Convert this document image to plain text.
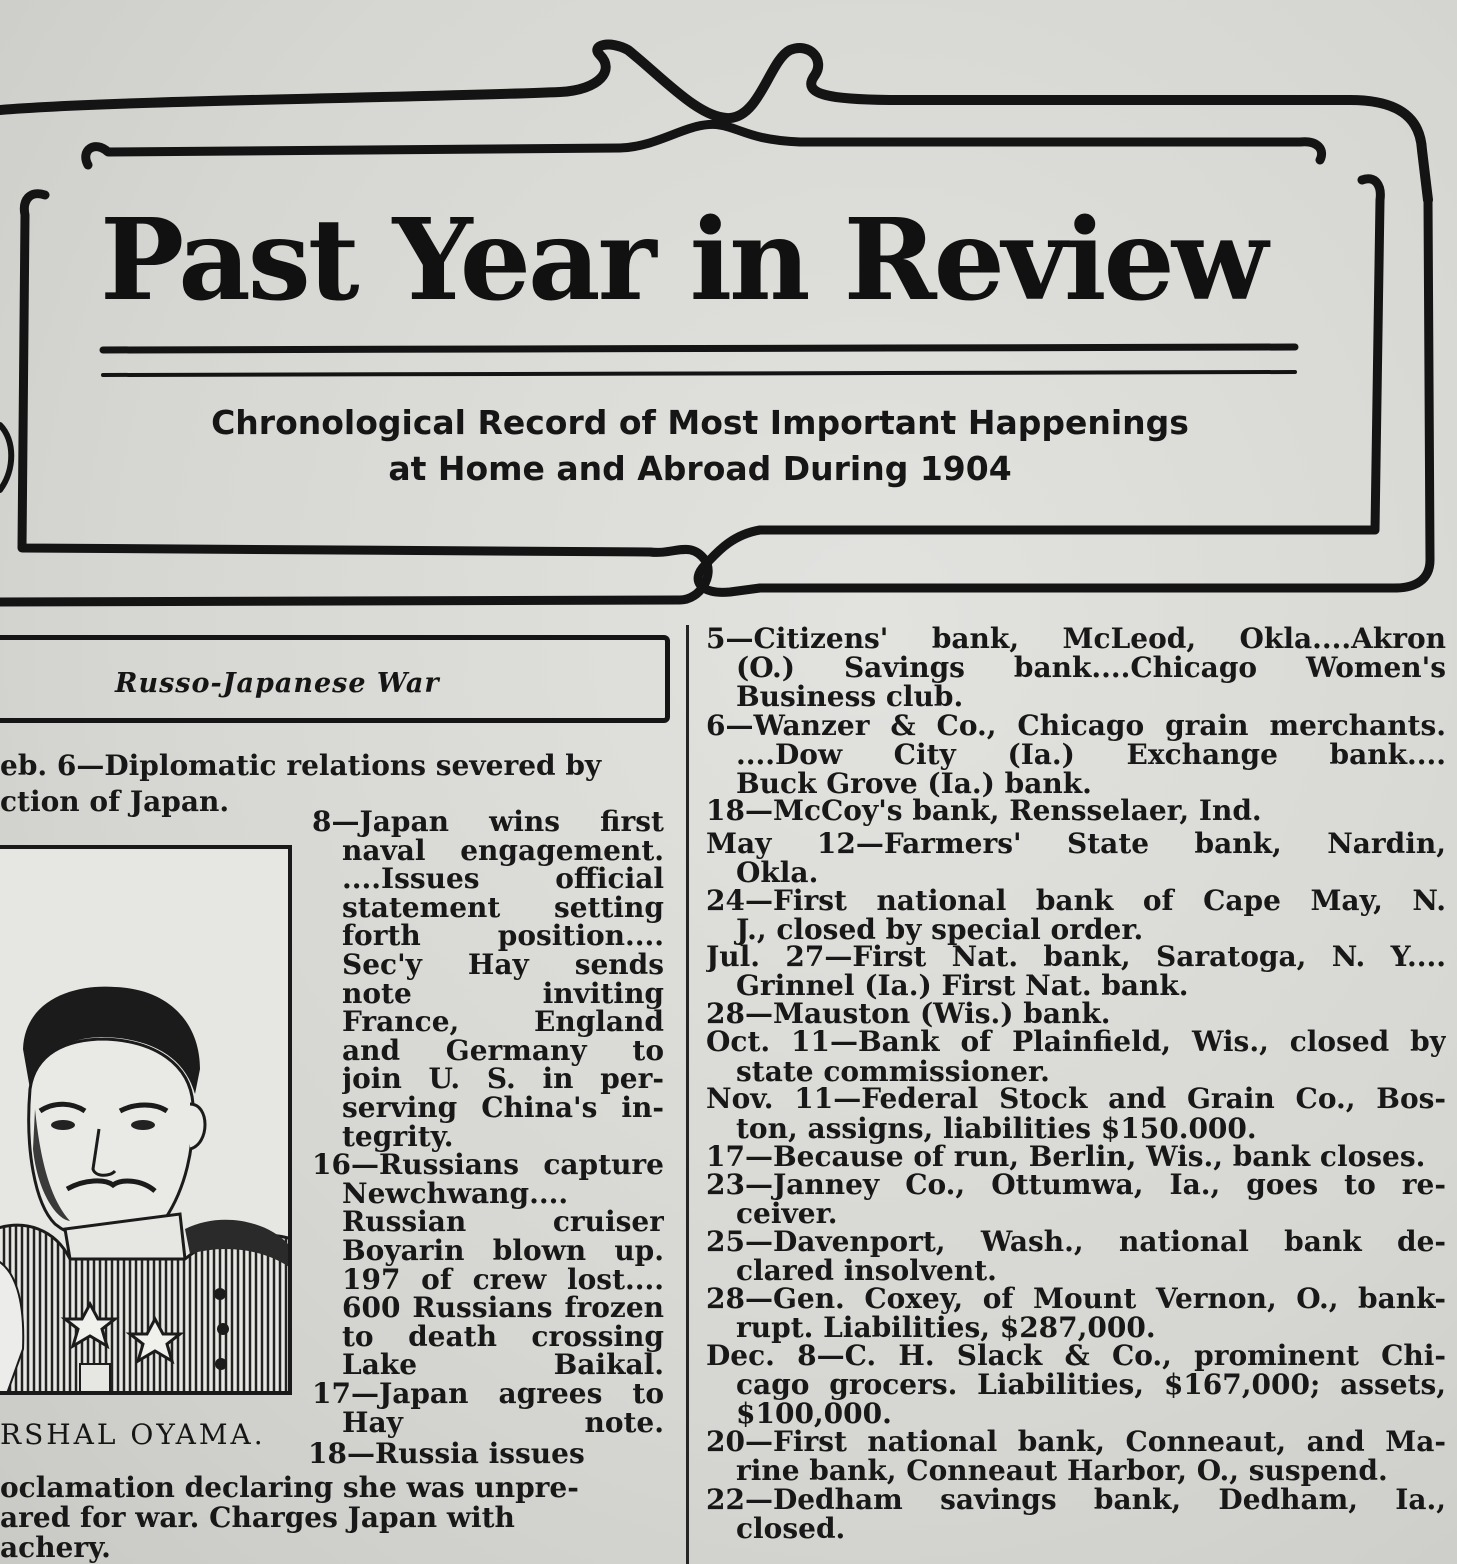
Past Year in Review
Chronological Record of Most Important Happenings
at Home and Abroad During 1904
Russo-Japanese War
eb. 6—Diplomatic relations severed by
ction of Japan.
RSHAL OYAMA.
8—Japan wins first
naval engagement.
....Issues official
statement setting
forth position....
Sec'y Hay sends
note inviting
France, England
and Germany to
join U. S. in per-
serving China's in-
tegrity.
16—Russians capture
Newchwang....
Russian cruiser
Boyarin blown up.
197 of crew lost....
600 Russians frozen
to death crossing
Lake Baikal.
17—Japan agrees to
Hay note.
18—Russia issues
oclamation declaring she was unpre-
ared for war. Charges Japan with
achery.
5—Citizens' bank, McLeod, Okla....Akron
(O.) Savings bank....Chicago Women's
Business club.
6—Wanzer & Co., Chicago grain merchants.
....Dow City (Ia.) Exchange bank....
Buck Grove (Ia.) bank.
18—McCoy's bank, Rensselaer, Ind.
May 12—Farmers' State bank, Nardin,
Okla.
24—First national bank of Cape May, N.
J., closed by special order.
Jul. 27—First Nat. bank, Saratoga, N. Y....
Grinnel (Ia.) First Nat. bank.
28—Mauston (Wis.) bank.
Oct. 11—Bank of Plainfield, Wis., closed by
state commissioner.
Nov. 11—Federal Stock and Grain Co., Bos-
ton, assigns, liabilities $150.000.
17—Because of run, Berlin, Wis., bank closes.
23—Janney Co., Ottumwa, Ia., goes to re-
ceiver.
25—Davenport, Wash., national bank de-
clared insolvent.
28—Gen. Coxey, of Mount Vernon, O., bank-
rupt. Liabilities, $287,000.
Dec. 8—C. H. Slack & Co., prominent Chi-
cago grocers. Liabilities, $167,000; assets,
$100,000.
20—First national bank, Conneaut, and Ma-
rine bank, Conneaut Harbor, O., suspend.
22—Dedham savings bank, Dedham, Ia.,
closed.
